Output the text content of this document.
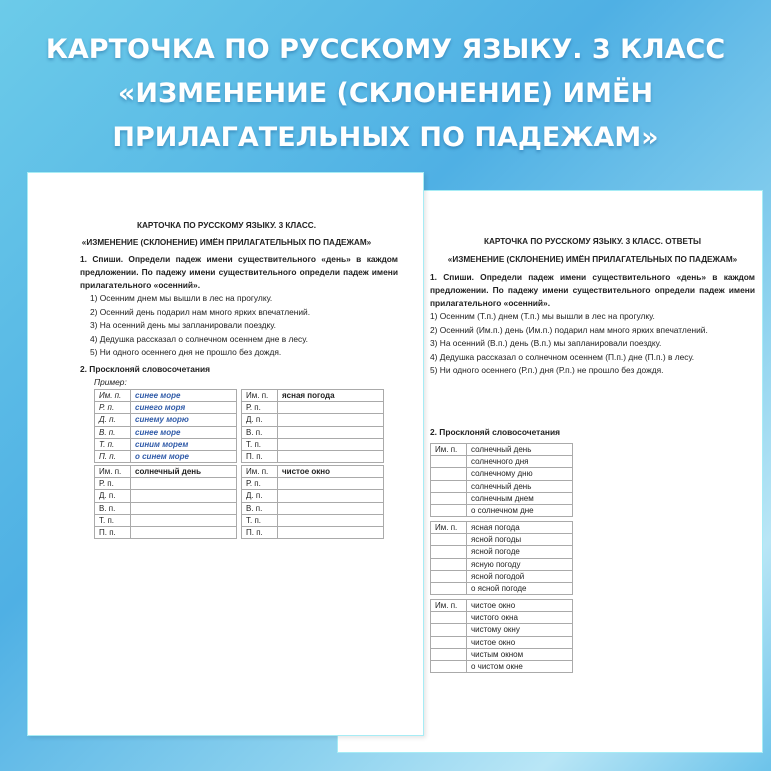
КАРТОЧКА ПО РУССКОМУ ЯЗЫКУ. 3 КЛАСС
«ИЗМЕНЕНИЕ (СКЛОНЕНИЕ) ИМЁН
ПРИЛАГАТЕЛЬНЫХ ПО ПАДЕЖАМ»
КАРТОЧКА ПО РУССКОМУ ЯЗЫКУ. 3 КЛАСС. ОТВЕТЫ
«ИЗМЕНЕНИЕ (СКЛОНЕНИЕ) ИМЁН ПРИЛАГАТЕЛЬНЫХ ПО ПАДЕЖАМ»
1. Спиши. Определи падеж имени существительного «день» в каждом предложении. По падежу имени существительного определи падеж имени прилагательного «осенний».
1) Осенним (Т.п.) днем (Т.п.) мы вышли в лес на прогулку.
2) Осенний (Им.п.) день (Им.п.) подарил нам много ярких впечатлений.
3) На осенний (В.п.) день (В.п.) мы запланировали поездку.
4) Дедушка рассказал о солнечном осеннем (П.п.) дне (П.п.) в лесу.
5) Ни одного осеннего (Р.п.) дня (Р.п.) не прошло без дождя.
2. Просклоняй словосочетания
Им. п.	солнечный день
	солнечного дня
	солнечному дню
	солнечный день
	солнечным днем
	о солнечном дне
Им. п.	ясная погода
	ясной погоды
	ясной погоде
	ясную погоду
	ясной погодой
	о ясной погоде
Им. п.	чистое окно
	чистого окна
	чистому окну
	чистое окно
	чистым окном
	о чистом окне
КАРТОЧКА ПО РУССКОМУ ЯЗЫКУ. 3 КЛАСС.
«ИЗМЕНЕНИЕ (СКЛОНЕНИЕ) ИМЁН ПРИЛАГАТЕЛЬНЫХ ПО ПАДЕЖАМ»
1. Спиши. Определи падеж имени существительного «день» в каждом предложении. По падежу имени существительного определи падеж имени прилагательного «осенний».
1) Осенним днем мы вышли в лес на прогулку.
2) Осенний день подарил нам много ярких впечатлений.
3) На осенний день мы запланировали поездку.
4) Дедушка рассказал о солнечном осеннем дне в лесу.
5) Ни одного осеннего дня не прошло без дождя.
2. Просклоняй словосочетания
Пример:
Им. п.	синее море
Р. п.	синего моря
Д. п.	синему морю
В. п.	синее море
Т. п.	синим морем
П. п.	о синем море
Им. п.	ясная погода
Р. п.	
Д. п.	
В. п.	
Т. п.	
П. п.	
Им. п.	солнечный день
Р. п.	
Д. п.	
В. п.	
Т. п.	
П. п.	
Им. п.	чистое окно
Р. п.	
Д. п.	
В. п.	
Т. п.	
П. п.	
